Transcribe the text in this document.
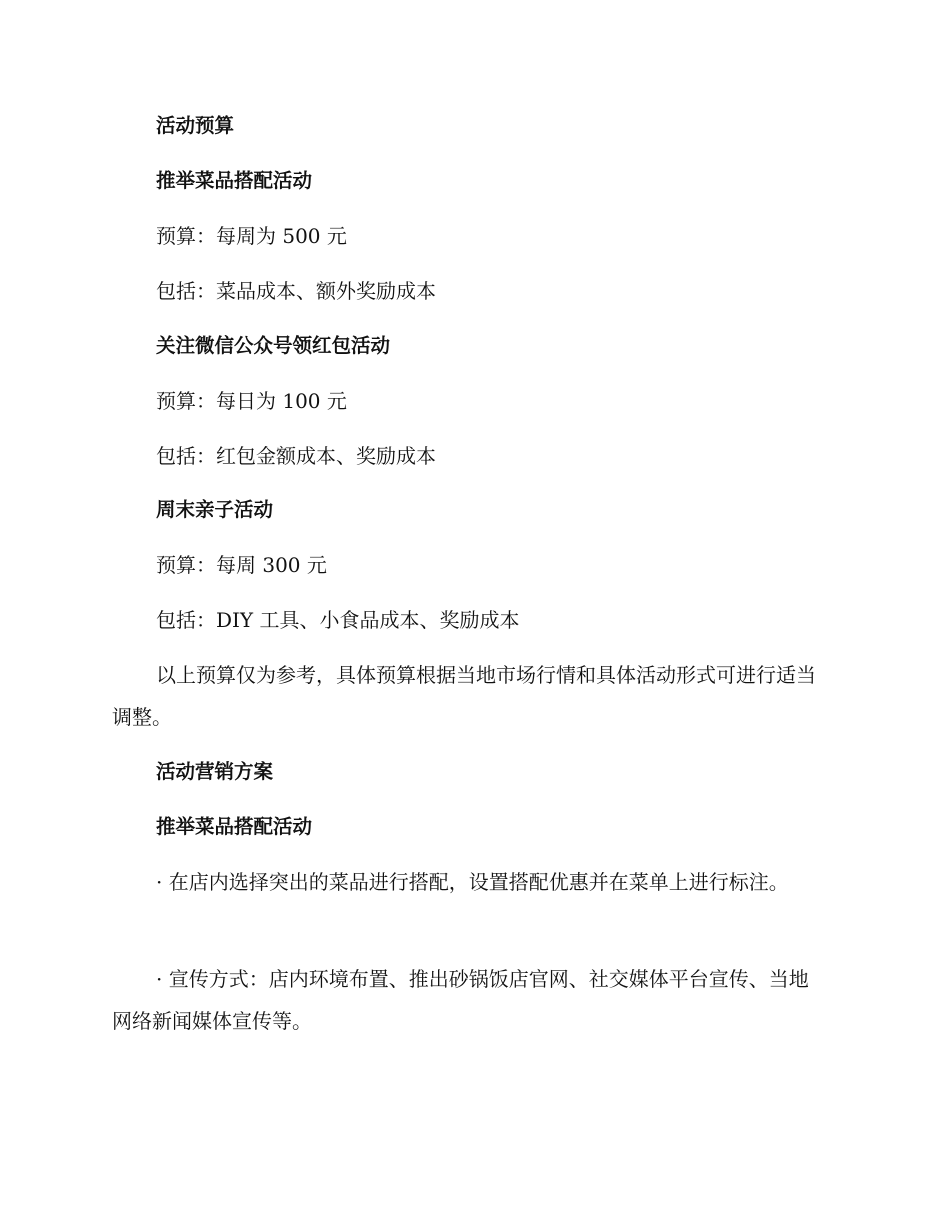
活动预算
推举菜品搭配活动
预算：每周为 500 元
包括：菜品成本、额外奖励成本
关注微信公众号领红包活动
预算：每日为 100 元
包括：红包金额成本、奖励成本
周末亲子活动
预算：每周 300 元
包括：DIY 工具、小食品成本、奖励成本
以上预算仅为参考，具体预算根据当地市场行情和具体活动形式可进行适当调整。
活动营销方案
推举菜品搭配活动
· 在店内选择突出的菜品进行搭配，设置搭配优惠并在菜单上进行标注。
· 宣传方式：店内环境布置、推出砂锅饭店官网、社交媒体平台宣传、当地网络新闻媒体宣传等。
